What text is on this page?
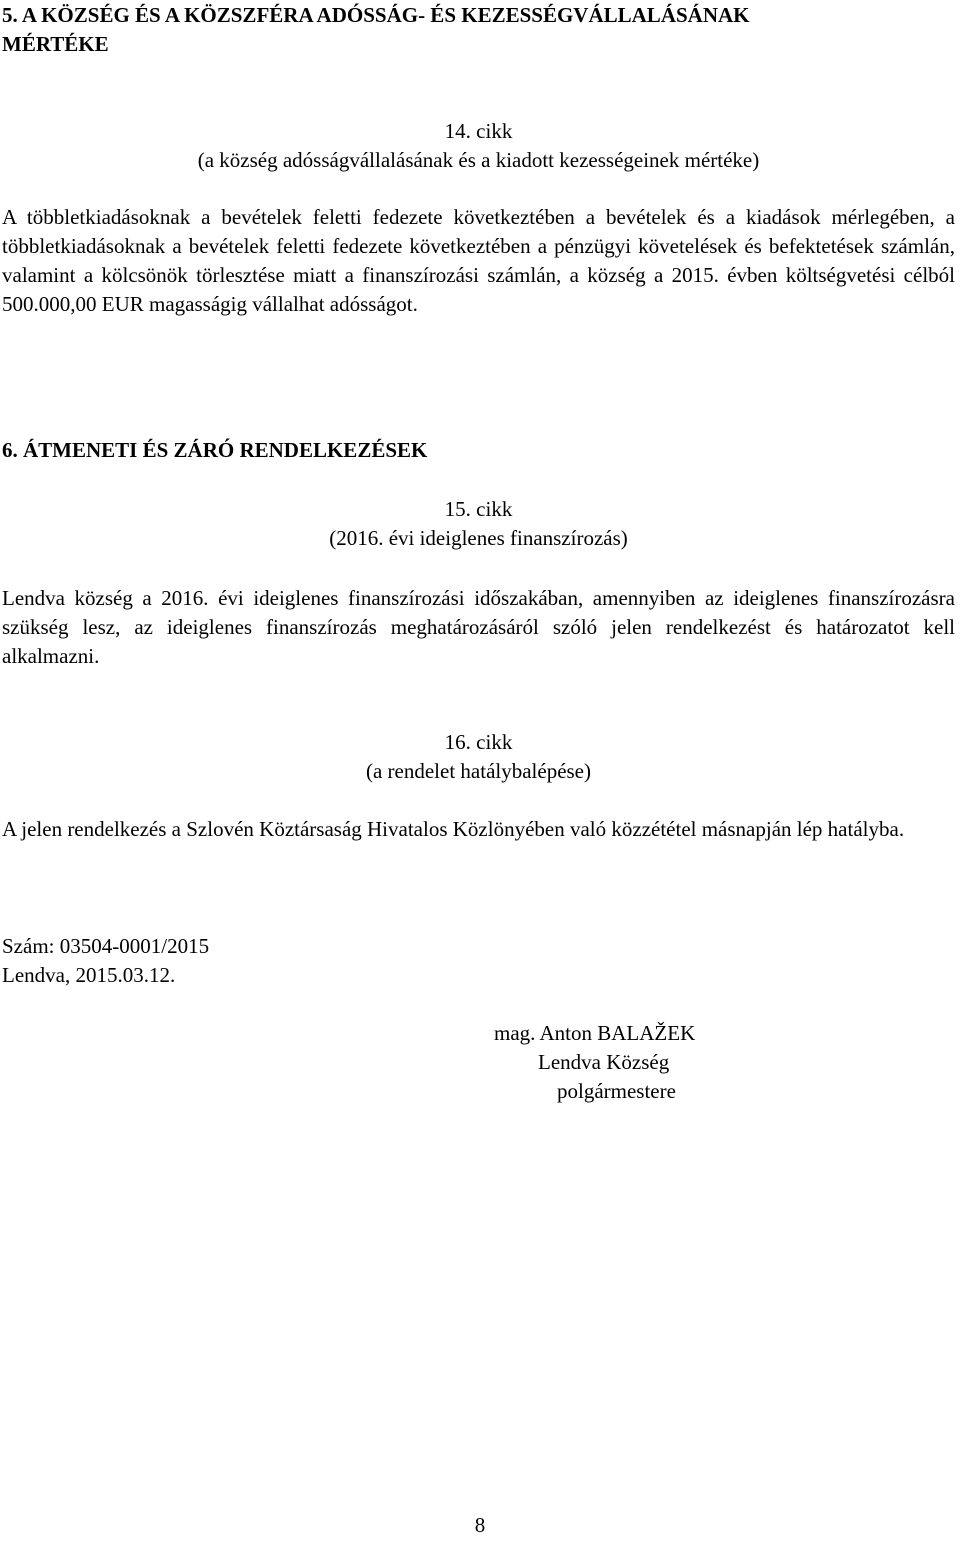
5. A KÖZSÉG ÉS A KÖZSZFÉRA ADÓSSÁG- ÉS KEZESSÉGVÁLLALÁSÁNAK
MÉRTÉKE
14. cikk
(a község adósságvállalásának és a kiadott kezességeinek mértéke)

A többletkiadásoknak a bevételek feletti fedezete következtében a bevételek és a kiadások mérlegében, a többletkiadásoknak a bevételek feletti fedezete következtében a pénzügyi követelések és befektetések számlán, valamint a kölcsönök törlesztése miatt a finanszírozási számlán, a község a 2015. évben költségvetési célból 500.000,00 EUR magasságig vállalhat adósságot.

6. ÁTMENETI ÉS ZÁRÓ RENDELKEZÉSEK
15. cikk
(2016. évi ideiglenes finanszírozás)

Lendva község a 2016. évi ideiglenes finanszírozási időszakában, amennyiben az ideiglenes finanszírozásra szükség lesz, az ideiglenes finanszírozás meghatározásáról szóló jelen rendelkezést és határozatot kell alkalmazni.

16. cikk
(a rendelet hatálybalépése)

A jelen rendelkezés a Szlovén Köztársaság Hivatalos Közlönyében való közzététel másnapján lép hatályba.

Szám: 03504-0001/2015
Lendva, 2015.03.12.
mag. Anton BALAŽEK
Lendva Község
polgármestere
8
